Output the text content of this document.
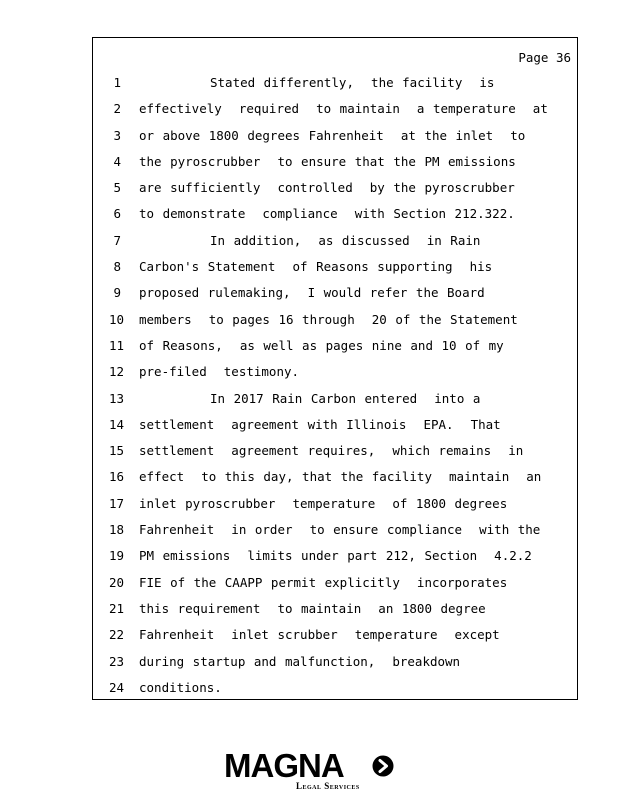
Page 36
1	Stated differently,  the facility  is
2 effectively  required  to maintain  a temperature  at
3 or above 1800 degrees Fahrenheit  at the inlet  to
4 the pyroscrubber  to ensure that the PM emissions
5 are sufficiently  controlled  by the pyroscrubber
6 to demonstrate  compliance  with Section 212.322.
7	In addition,  as discussed  in Rain
8 Carbon's Statement  of Reasons supporting  his
9 proposed rulemaking,  I would refer the Board
10 members  to pages 16 through  20 of the Statement
11 of Reasons,  as well as pages nine and 10 of my
12 pre-filed  testimony.
13	In 2017 Rain Carbon entered  into a
14 settlement  agreement with Illinois  EPA.  That
15 settlement  agreement requires,  which remains  in
16 effect  to this day, that the facility  maintain  an
17 inlet pyroscrubber  temperature  of 1800 degrees
18 Fahrenheit  in order  to ensure compliance  with the
19 PM emissions  limits under part 212, Section  4.2.2
20 FIE of the CAAPP permit explicitly  incorporates
21 this requirement  to maintain  an 1800 degree
22 Fahrenheit  inlet scrubber  temperature  except
23 during startup and malfunction,  breakdown
24 conditions.
MAGNA
Legal Services
